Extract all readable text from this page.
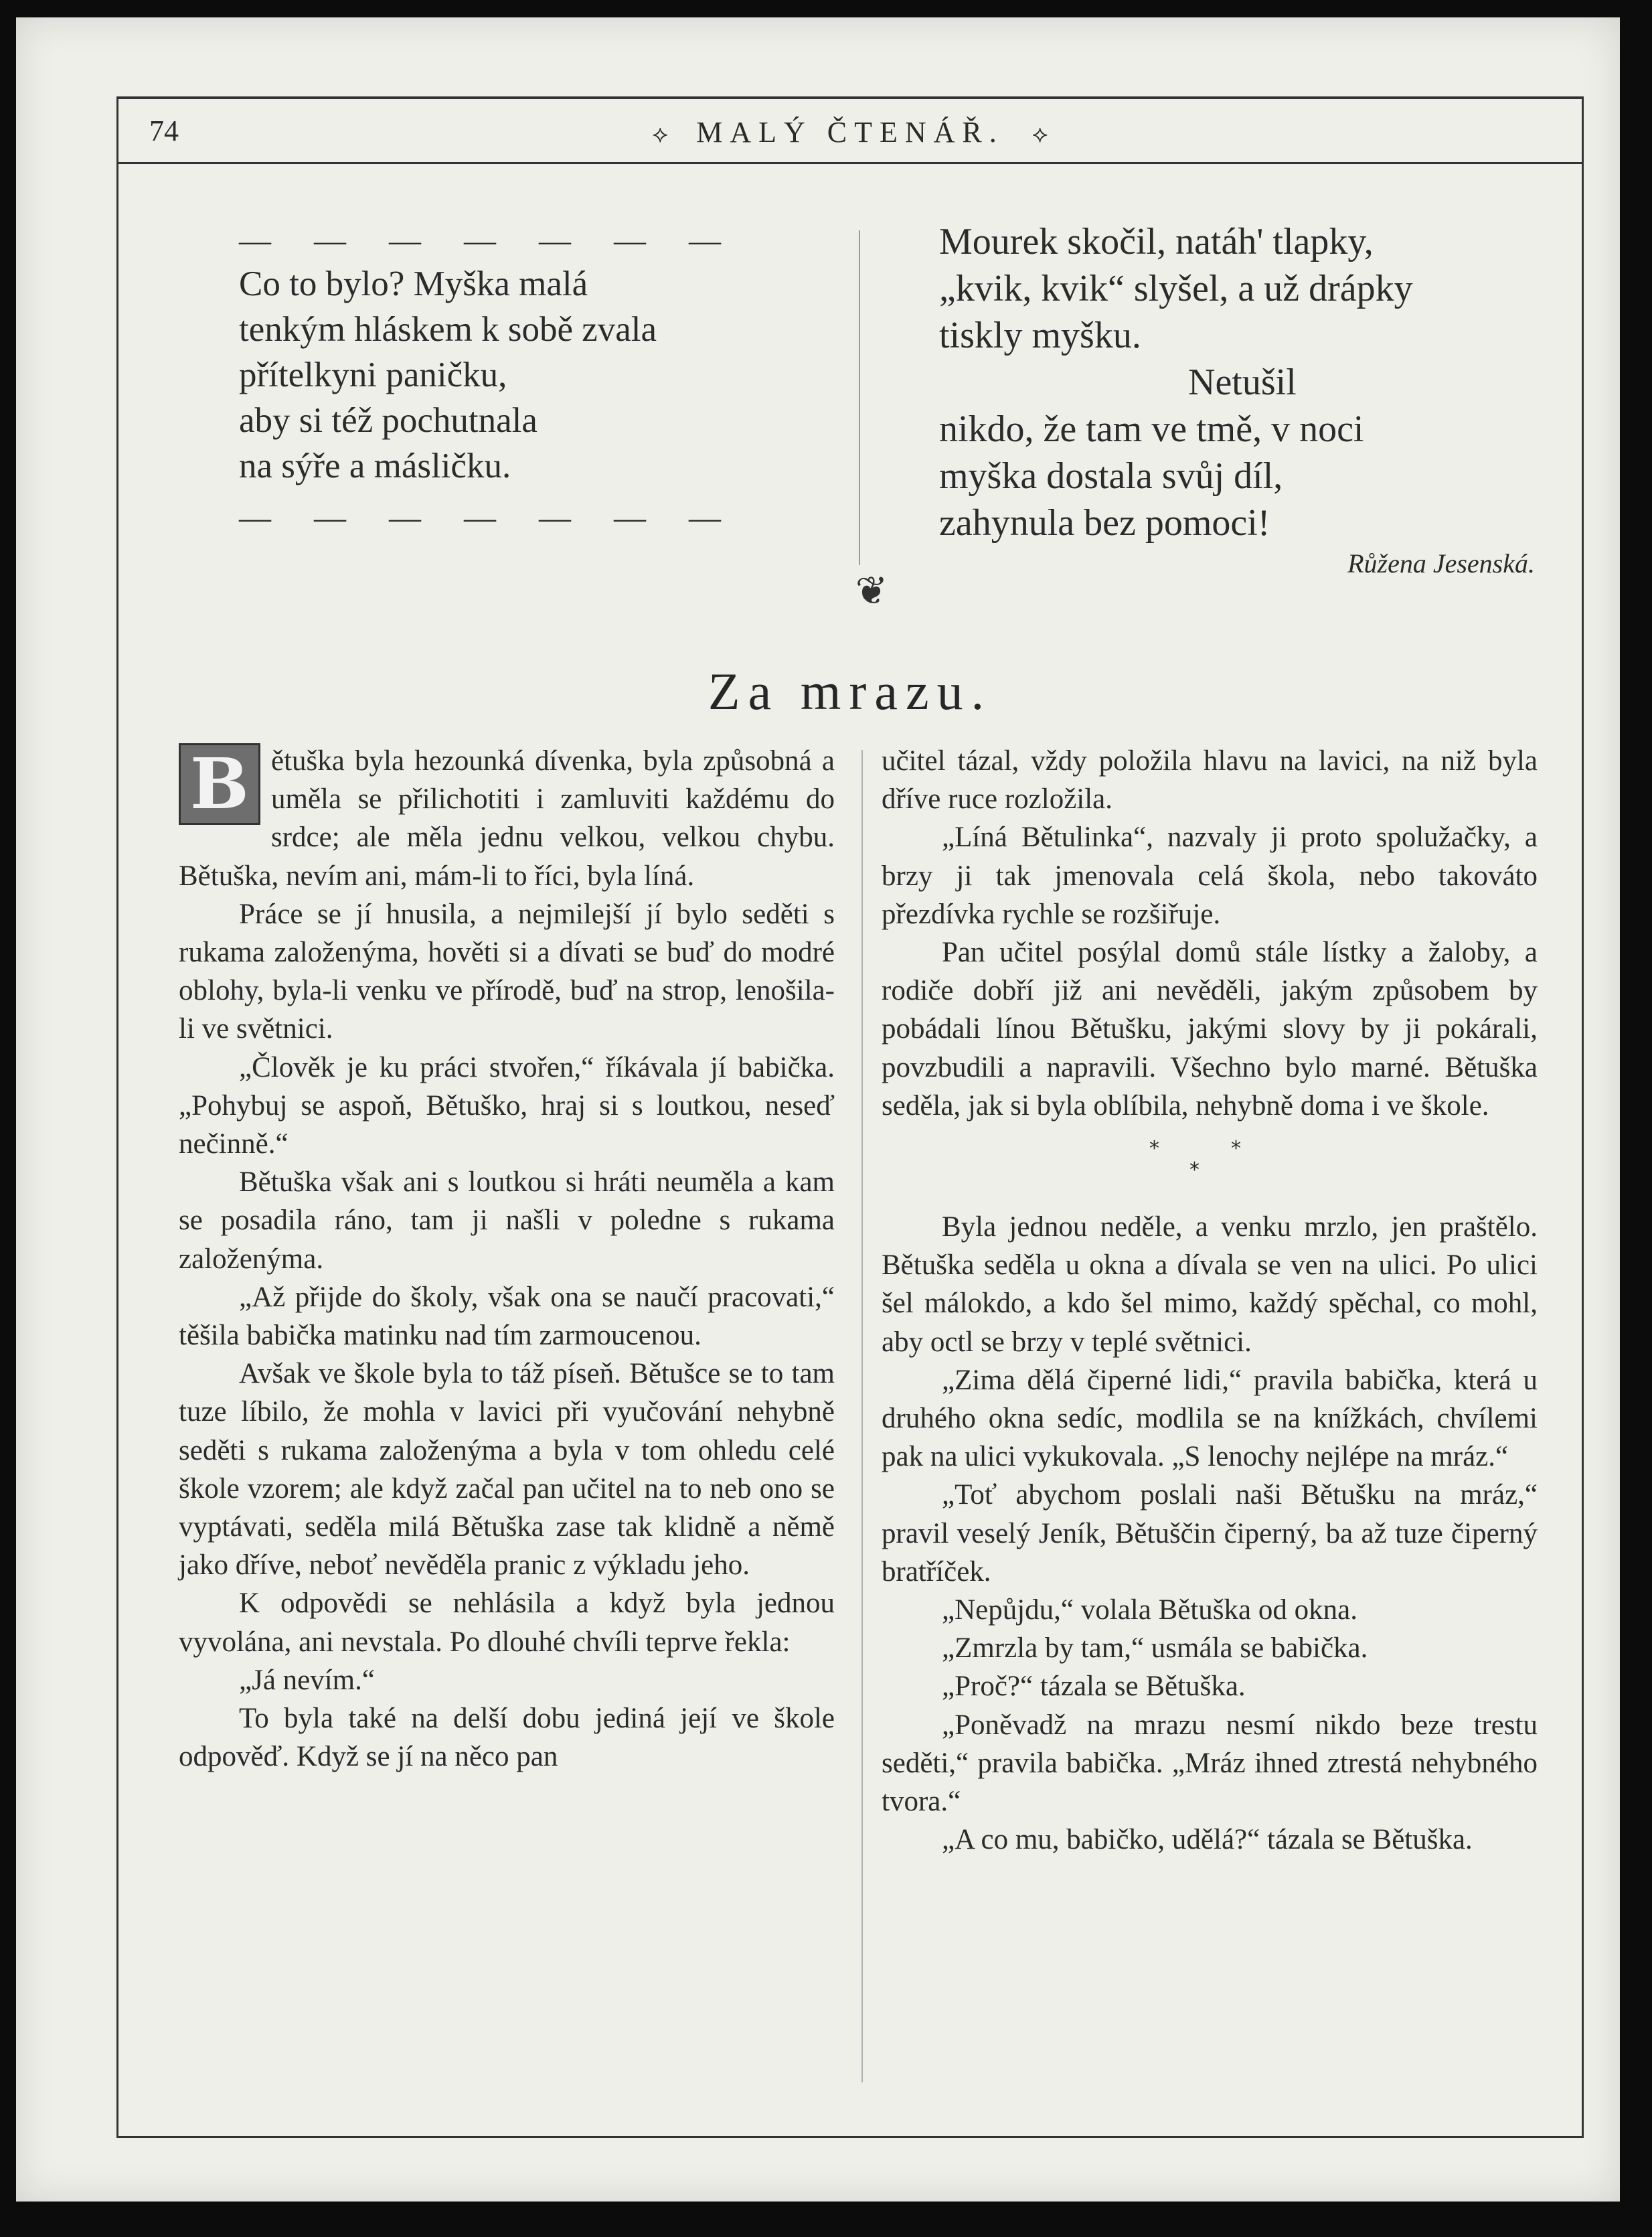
74	⟡ MALÝ ČTENÁŘ. ⟡
— — — — — — —
Co to bylo? Myška malá
tenkým hláskem k sobě zvala
přítelkyni paničku,
aby si též pochutnala
na sýře a másličku.
— — — — — — —
Mourek skočil, natáh' tlapky,
„kvik, kvik“ slyšel, a už drápky
tiskly myšku.
Netušil
nikdo, že tam ve tmě, v noci
myška dostala svůj díl,
zahynula bez pomoci!
Růžena Jesenská.
❦
Za mrazu.

B ětuška byla hezounká dívenka, byla způsobná a uměla se přilichotiti i zamluviti každému do srdce; ale měla jednu velkou, velkou chybu. Bětuška, nevím ani, mám-li to říci, byla líná.

Práce se jí hnusila, a nejmilejší jí bylo seděti s rukama založenýma, hověti si a dívati se buď do modré oblohy, byla-li venku ve přírodě, buď na strop, lenošila-li ve světnici.

„Člověk je ku práci stvořen,“ říkávala jí babička. „Pohybuj se aspoň, Bětuško, hraj si s loutkou, neseď nečinně.“

Bětuška však ani s loutkou si hráti neuměla a kam se posadila ráno, tam ji našli v poledne s rukama založenýma.

„Až přijde do školy, však ona se naučí pracovati,“ těšila babička matinku nad tím zarmoucenou.

Avšak ve škole byla to táž píseň. Bětušce se to tam tuze líbilo, že mohla v lavici při vyučování nehybně seděti s rukama založenýma a byla v tom ohledu celé škole vzorem; ale když začal pan učitel na to neb ono se vyptávati, seděla milá Bětuška zase tak klidně a němě jako dříve, neboť nevěděla pranic z výkladu jeho.

K odpovědi se nehlásila a když byla jednou vyvolána, ani nevstala. Po dlouhé chvíli teprve řekla:

„Já nevím.“

To byla také na delší dobu jediná její ve škole odpověď. Když se jí na něco pan

učitel tázal, vždy položila hlavu na lavici, na niž byla dříve ruce rozložila.

„Líná Bětulinka“, nazvaly ji proto spolužačky, a brzy ji tak jmenovala celá škola, nebo takováto přezdívka rychle se rozšiřuje.

Pan učitel posýlal domů stále lístky a žaloby, a rodiče dobří již ani nevěděli, jakým způsobem by pobádali línou Bětušku, jakými slovy by ji pokárali, povzbudili a napravili. Všechno bylo marné. Bětuška seděla, jak si byla oblíbila, nehybně doma i ve škole.

*
*
*

Byla jednou neděle, a venku mrzlo, jen praštělo. Bětuška seděla u okna a dívala se ven na ulici. Po ulici šel málokdo, a kdo šel mimo, každý spěchal, co mohl, aby octl se brzy v teplé světnici.

„Zima dělá čiperné lidi,“ pravila babička, která u druhého okna sedíc, modlila se na knížkách, chvílemi pak na ulici vykukovala. „S lenochy nejlépe na mráz.“

„Toť abychom poslali naši Bětušku na mráz,“ pravil veselý Jeník, Bětuščin čiperný, ba až tuze čiperný bratříček.

„Nepůjdu,“ volala Bětuška od okna.

„Zmrzla by tam,“ usmála se babička.

„Proč?“ tázala se Bětuška.

„Poněvadž na mrazu nesmí nikdo beze trestu seděti,“ pravila babička. „Mráz ihned ztrestá nehybného tvora.“

„A co mu, babičko, udělá?“ tázala se Bětuška.
